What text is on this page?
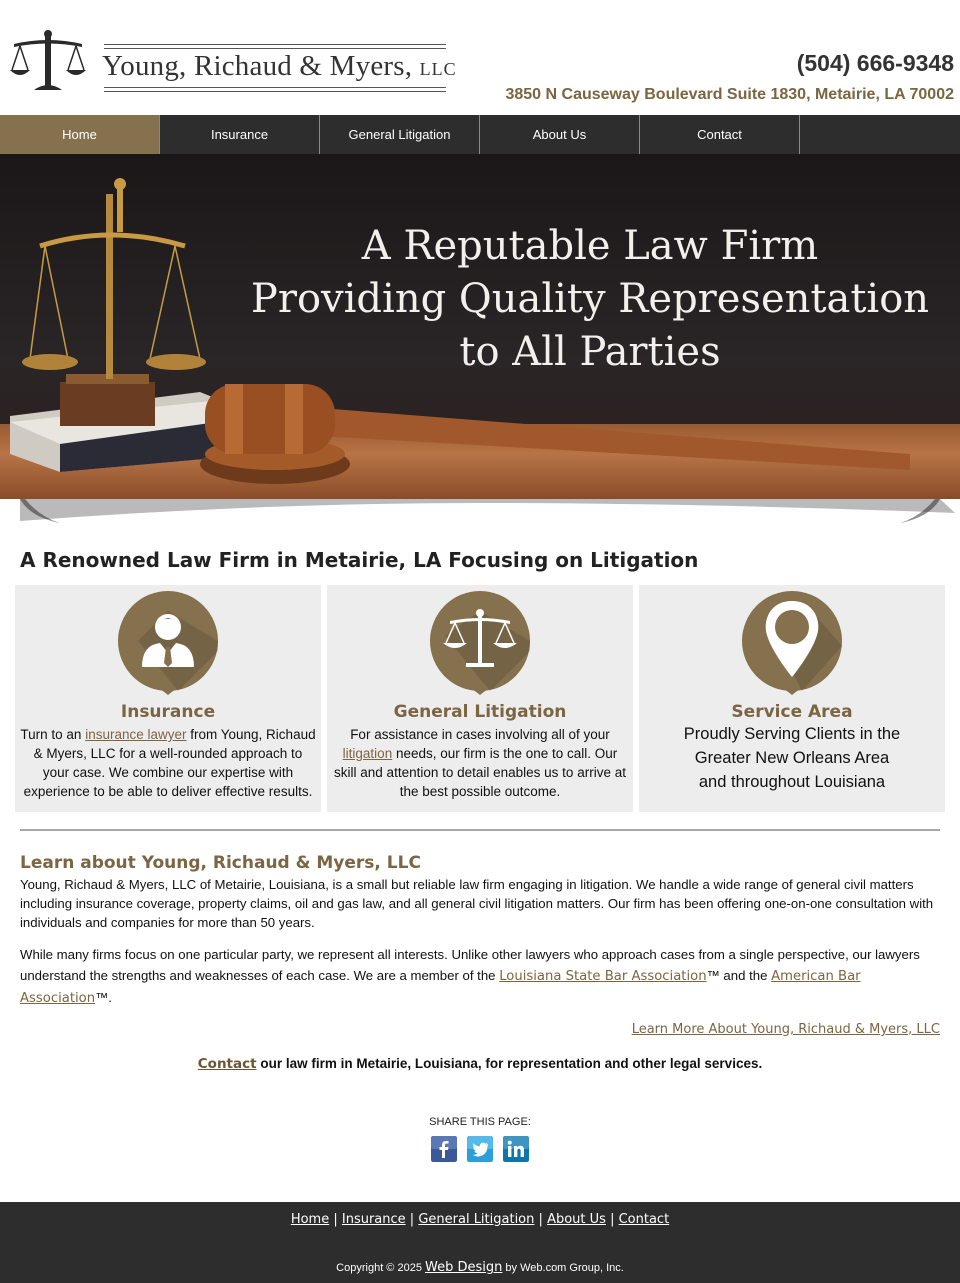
Young, Richaud & Myers, LLC	(504) 666-9348
3850 N Causeway Boulevard Suite 1830, Metairie, LA 70002
Home	Insurance	General Litigation	About Us	Contact
A Reputable Law Firm
Providing Quality Representation
to All Parties
A Renowned Law Firm in Metairie, LA Focusing on Litigation
Insurance

Turn to an insurance lawyer from Young, Richaud & Myers, LLC for a well-rounded approach to your case. We combine our expertise with experience to be able to deliver effective results.

General Litigation

For assistance in cases involving all of your litigation needs, our firm is the one to call. Our skill and attention to detail enables us to arrive at the best possible outcome.

Service Area

Proudly Serving Clients in the
Greater New Orleans Area
and throughout Louisiana

Learn about Young, Richaud & Myers, LLC

Young, Richaud & Myers, LLC of Metairie, Louisiana, is a small but reliable law firm engaging in litigation. We handle a wide range of general civil matters including insurance coverage, property claims, oil and gas law, and all general civil litigation matters. Our firm has been offering one-on-one consultation with individuals and companies for more than 50 years.

While many firms focus on one particular party, we represent all interests. Unlike other lawyers who approach cases from a single perspective, our lawyers understand the strengths and weaknesses of each case. We are a member of the Louisiana State Bar Association™ and the American Bar Association™.

Learn More About Young, Richaud & Myers, LLC

Contact our law firm in Metairie, Louisiana, for representation and other legal services.

SHARE THIS PAGE:
Home | Insurance | General Litigation | About Us | Contact
Copyright © 2025 Web Design by Web.com Group, Inc.
